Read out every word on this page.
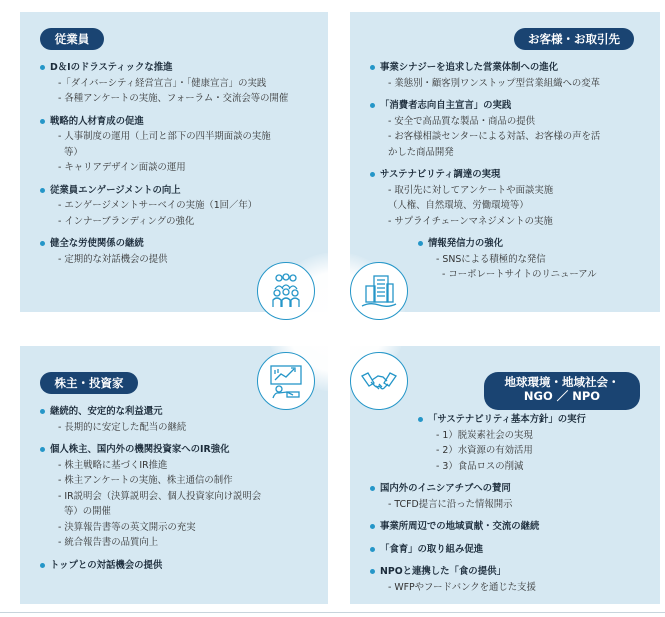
従業員	お客様・お取引先
株主・投資家	地球環境・地域社会・
NGO ／ NPO
D＆Iのドラスティックな推進
-「ダイバーシティ経営宣言」・「健康宣言」の実践
- 各種アンケートの実施、フォーラム・交流会等の開催
戦略的人材育成の促進
- 人事制度の運用（上司と部下の四半期面談の実施
等）
- キャリアデザイン面談の運用
従業員エンゲージメントの向上
- エンゲージメントサーベイの実施（1回／年）
- インナーブランディングの強化
健全な労使関係の継続
- 定期的な対話機会の提供
事業シナジーを追求した営業体制への進化
- 業態別・顧客別ワンストップ型営業組織への変革
「消費者志向自主宣言」の実践
- 安全で高品質な製品・商品の提供
- お客様相談センターによる対話、お客様の声を活
かした商品開発
サステナビリティ調達の実現
- 取引先に対してアンケートや面談実施
（人権、自然環境、労働環境等）
- サプライチェーンマネジメントの実施
情報発信力の強化
- SNSによる積極的な発信
- コーポレートサイトのリニューアル
継続的、安定的な利益還元
- 長期的に安定した配当の継続
個人株主、国内外の機関投資家へのIR強化
- 株主戦略に基づくIR推進
- 株主アンケートの実施、株主通信の制作
- IR説明会（決算説明会、個人投資家向け説明会
等）の開催
- 決算報告書等の英文開示の充実
- 統合報告書の品質向上
トップとの対話機会の提供
「サステナビリティ基本方針」の実行
- 1）脱炭素社会の実現
- 2）水資源の有効活用
- 3）食品ロスの削減
国内外のイニシアチブへの賛同
- TCFD提言に沿った情報開示
事業所周辺での地域貢献・交流の継続
「食育」の取り組み促進
NPOと連携した「食の提供」
- WFPやフードバンクを通じた支援
